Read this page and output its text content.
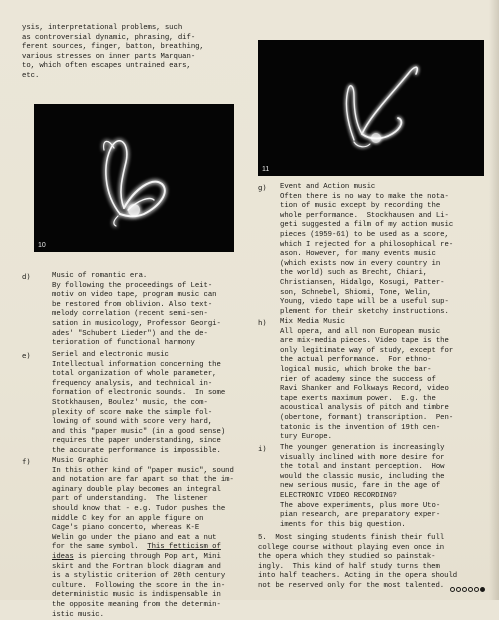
ysis, interpretational problems, such
as controversial dynamic, phrasing, dif-
ferent sources, finger, batton, breathing,
various stresses on inner parts Marquan-
to, which often escapes untrained ears,
etc.
10
d)	Music of romantic era.
By following the proceedings of Leit-
motiv on video tape, program music can
be restored from oblivion. Also text-
melody correlation (recent semi-sen-
sation in musicology, Professor Georgi-
ades' "Schubert Lieder") and the de-
terioration of functional harmony
e)	Seriel and electronic music
Intellectual information concerning the
total organization of whole parameter,
frequency analysis, and technical in-
formation of electronic sounds.  In some
Stotkhausen, Boulez' music, the com-
plexity of score make the simple fol-
lowing of sound with score very hard,
and this "paper music" (in a good sense)
requires the paper understanding, since
the accurate performance is impossible.
f)	Music Graphic
In this other kind of "paper music", sound
and notation are far apart so that the im-
aginary double play becomes an integral
part of understanding.  The listener
should know that - e.g. Tudor pushes the
middle C key for an apple figure on
Cage's piano concerto, whereas K-E
Welin go under the piano and eat a nut
for the same symbol.  This fetticism of
ideas is piercing through Pop art, Mini
skirt and the Fortran block diagram and
is a stylistic criterion of 20th century
culture.  Following the score in the in-
deterministic music is indispensable in
the opposite meaning from the determin-
istic music.
11
g) Event and Action music
Often there is no way to make the nota-
tion of music except by recording the
whole performance.  Stockhausen and Li-
geti suggested a film of my action music
pieces (1959-61) to be used as a score,
which I rejected for a philosophical re-
ason. However, for many events music
(which exists now in every country in
the world) such as Brecht, Chiari,
Christiansen, Hidalgo, Kosugi, Patter-
son, Schnebel, Shiomi, Tone, Welin,
Young, viedo tape will be a useful sup-
plement for their sketchy instructions.
h) Mix Media Music
All opera, and all non European music
are mix-media pieces. Video tape is the
only legitimate way of study, except for
the actual performance.  For ethno-
logical music, which broke the bar-
rier of academy since the success of
Ravi Shanker and Folkways Record, video
tape exerts maximum power.  E.g. the
acoustical analysis of pitch and timbre
(obertone, formant) transcription.  Pen-
tatonic is the invention of 19th cen-
tury Europe.
i) The younger generation is increasingly
visually inclined with more desire for
the total and instant perception.  How
would the classic music, including the
new serious music, fare in the age of
ELECTRONIC VIDEO RECORDING?
The above experiments, plus more Uto-
pian research, are preparatory exper-
iments for this big question.
5.  Most singing students finish their full
college course without playing even once in
the opera which they studied so painstak-
ingly.  This kind of half study turns them
into half teachers. Acting in the opera should
not be reserved only for the most talented.
